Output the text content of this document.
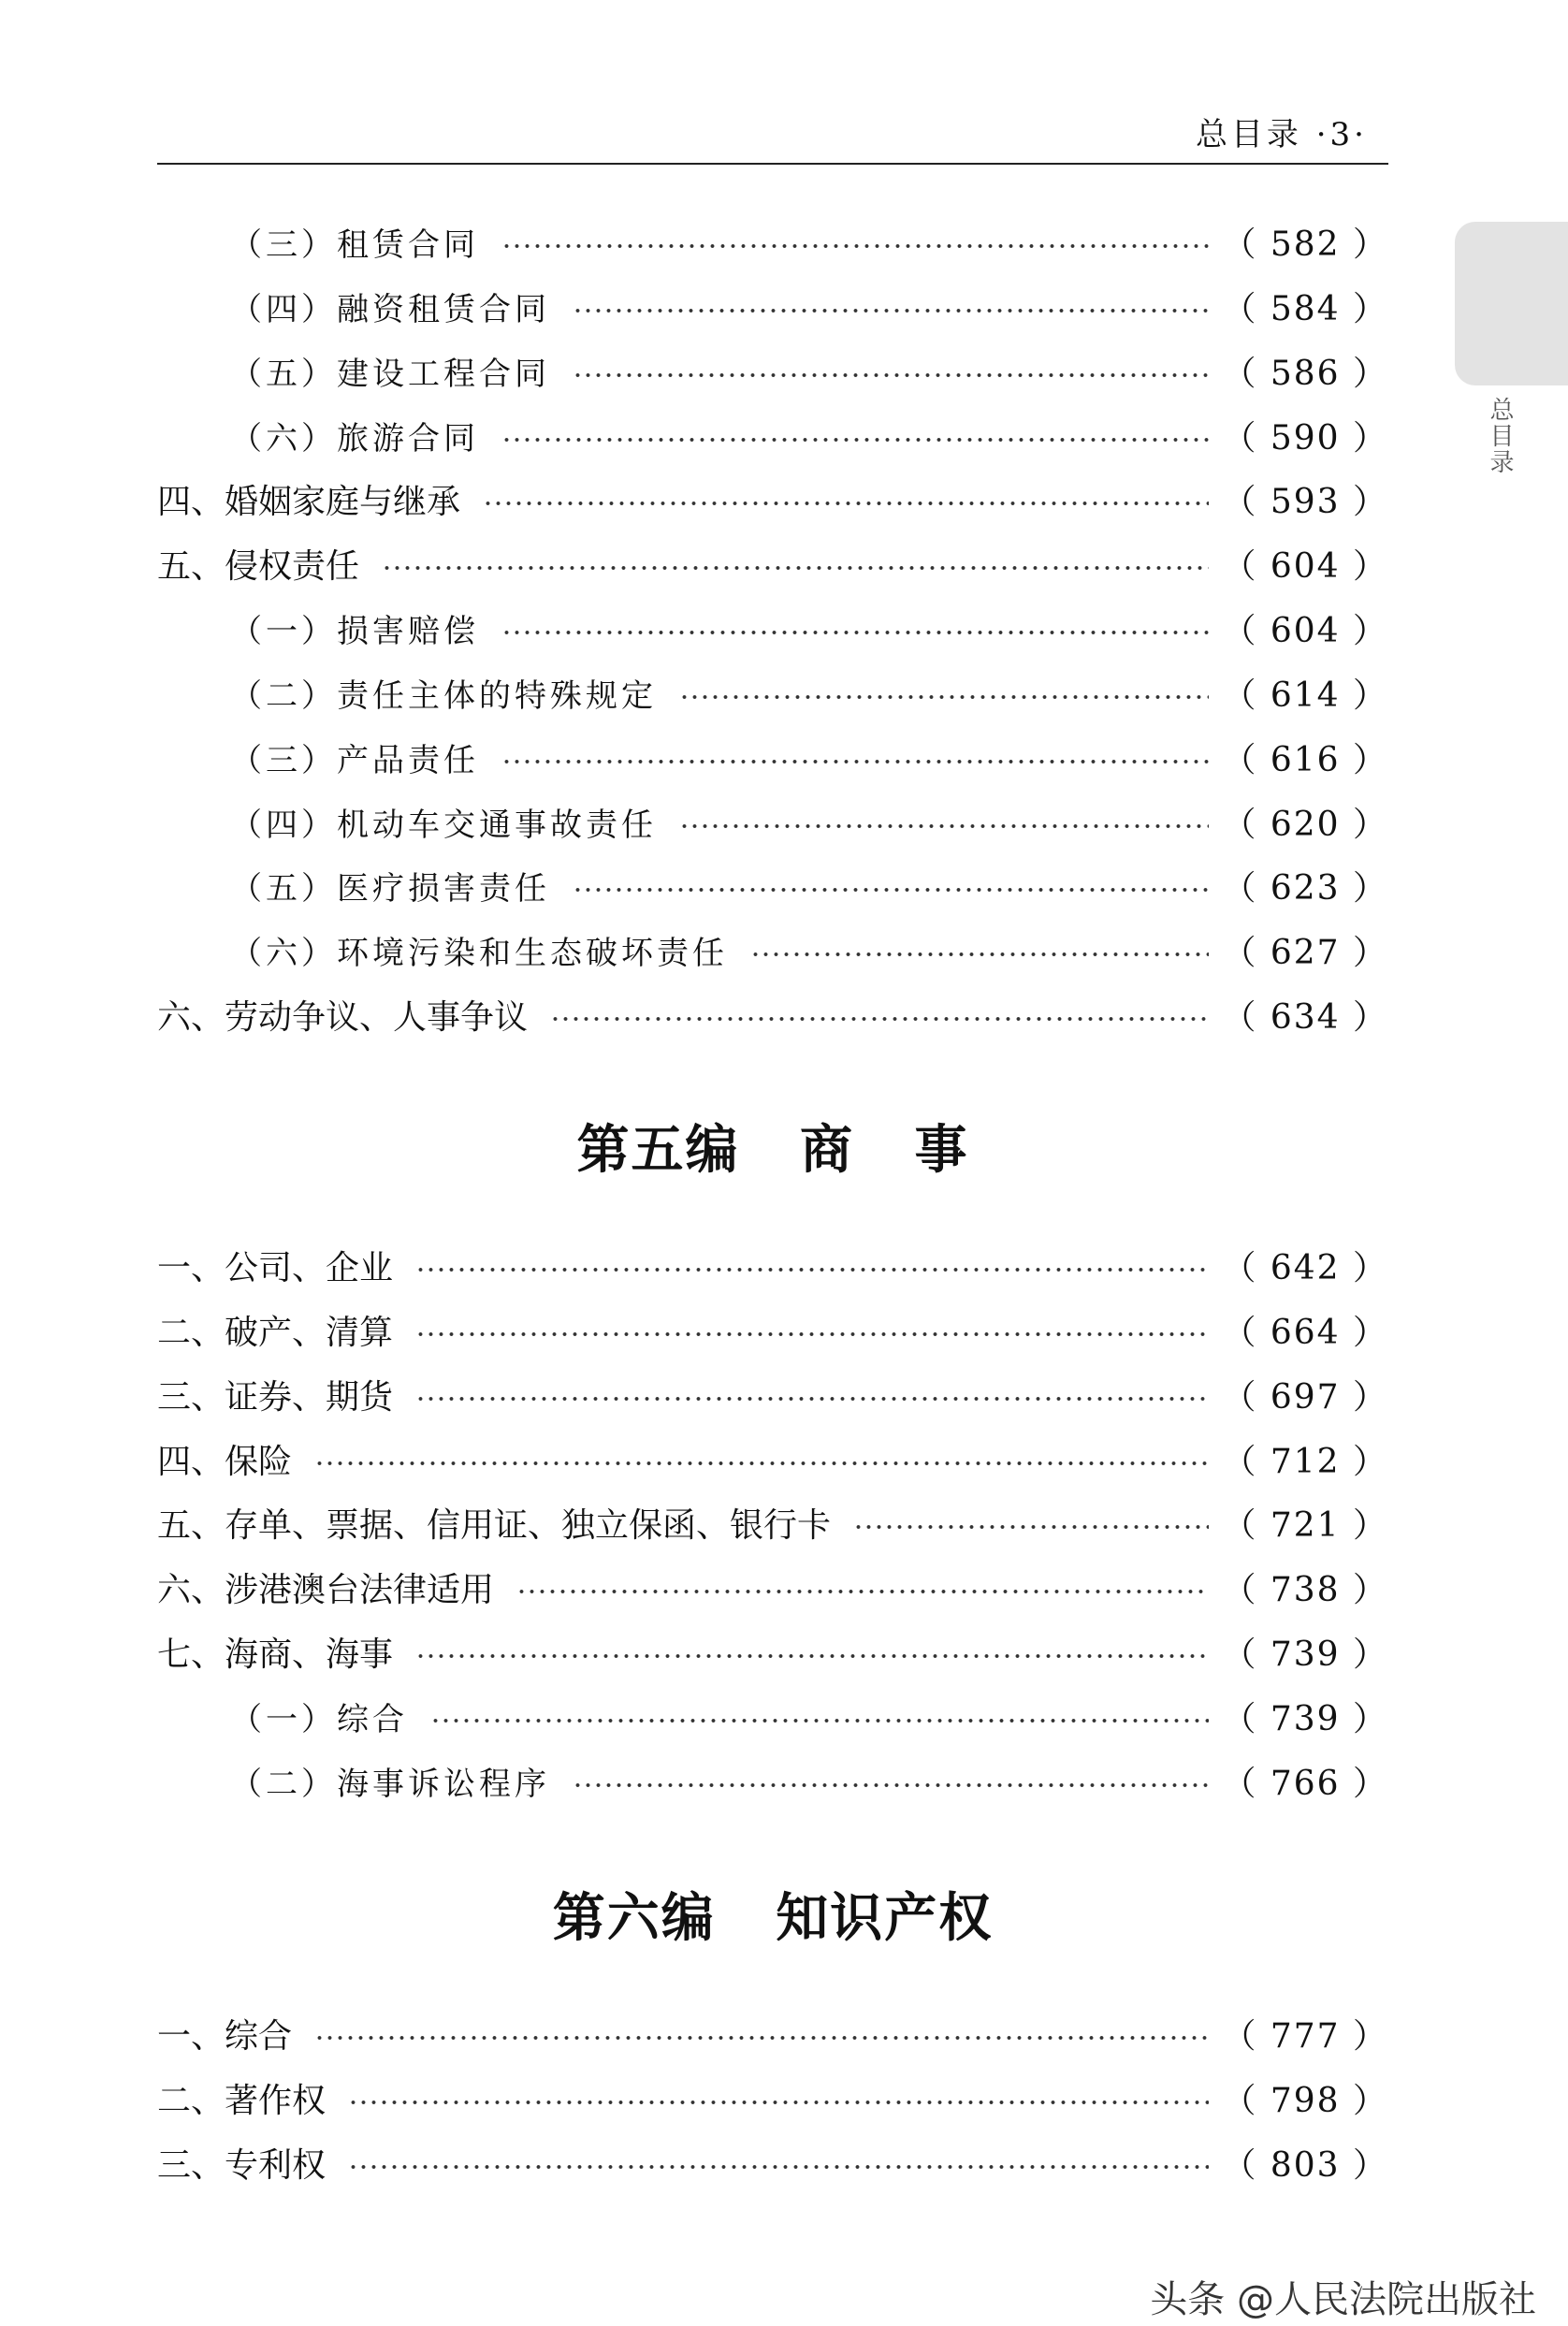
总目录 ·3·
总目录
（三）租赁合同	（ 582 ）
（四）融资租赁合同	（ 584 ）
（五）建设工程合同	（ 586 ）
（六）旅游合同	（ 590 ）
四、婚姻家庭与继承	（ 593 ）
五、侵权责任	（ 604 ）
（一）损害赔偿	（ 604 ）
（二）责任主体的特殊规定	（ 614 ）
（三）产品责任	（ 616 ）
（四）机动车交通事故责任	（ 620 ）
（五）医疗损害责任	（ 623 ）
（六）环境污染和生态破坏责任	（ 627 ）
六、劳动争议、人事争议	（ 634 ）
第五编   商   事
一、公司、企业	（ 642 ）
二、破产、清算	（ 664 ）
三、证券、期货	（ 697 ）
四、保险	（ 712 ）
五、存单、票据、信用证、独立保函、银行卡	（ 721 ）
六、涉港澳台法律适用	（ 738 ）
七、海商、海事	（ 739 ）
（一）综合	（ 739 ）
（二）海事诉讼程序	（ 766 ）
第六编   知识产权
一、综合	（ 777 ）
二、著作权	（ 798 ）
三、专利权	（ 803 ）
头条 @人民法院出版社
